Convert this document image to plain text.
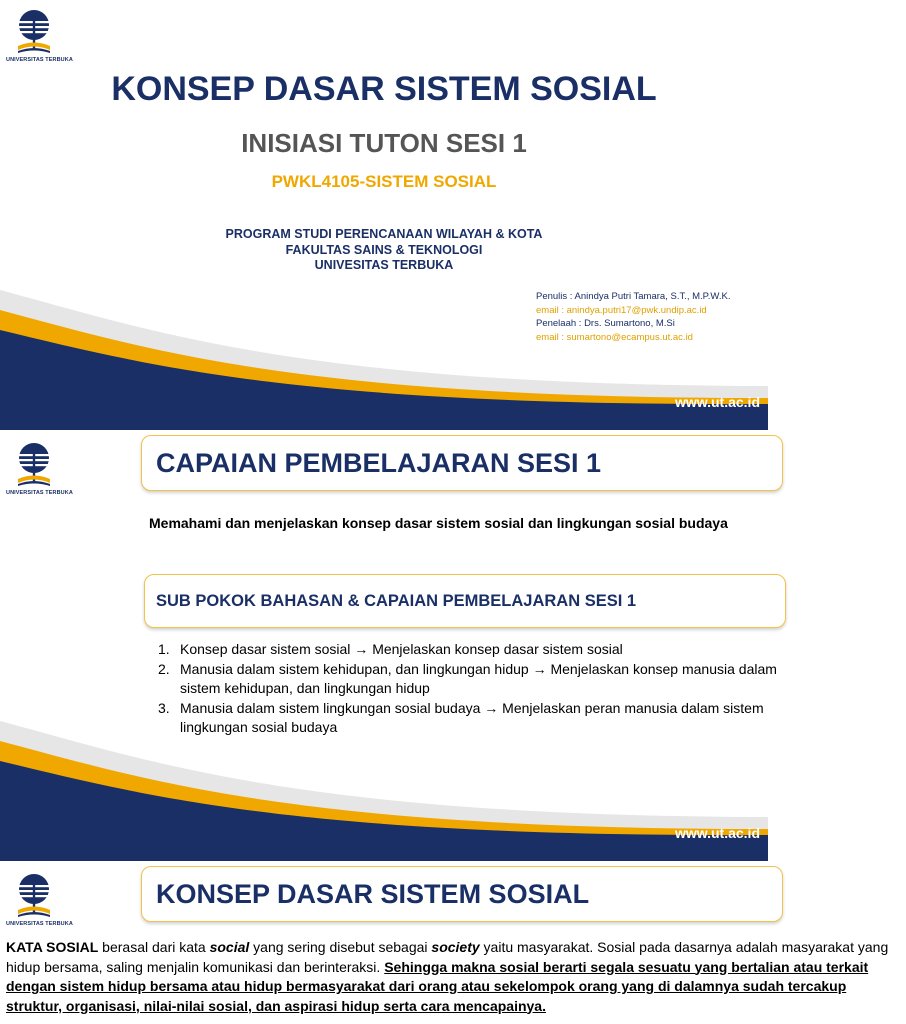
UNIVERSITAS TERBUKA
KONSEP DASAR SISTEM SOSIAL
INISIASI TUTON SESI 1
PWKL4105-SISTEM SOSIAL
PROGRAM STUDI PERENCANAAN WILAYAH & KOTA
FAKULTAS SAINS & TEKNOLOGI
UNIVESITAS TERBUKA
Penulis : Anindya Putri Tamara, S.T., M.P.W.K.
email : anindya.putri17@pwk.undip.ac.id
Penelaah : Drs. Sumartono, M.Si
email : sumartono@ecampus.ut.ac.id
www.ut.ac.id
UNIVERSITAS TERBUKA
CAPAIAN PEMBELAJARAN SESI 1
Memahami dan menjelaskan konsep dasar sistem sosial dan lingkungan sosial budaya
SUB POKOK BAHASAN & CAPAIAN PEMBELAJARAN SESI 1
1. Konsep dasar sistem sosial → Menjelaskan konsep dasar sistem sosial
2. Manusia dalam sistem kehidupan, dan lingkungan hidup → Menjelaskan konsep manusia dalam sistem kehidupan, dan lingkungan hidup
3. Manusia dalam sistem lingkungan sosial budaya → Menjelaskan peran manusia dalam sistem lingkungan sosial budaya
www.ut.ac.id
UNIVERSITAS TERBUKA
KONSEP DASAR SISTEM SOSIAL
KATA SOSIAL berasal dari kata social yang sering disebut sebagai society yaitu masyarakat. Sosial pada dasarnya adalah masyarakat yang hidup bersama, saling menjalin komunikasi dan berinteraksi. Sehingga makna sosial berarti segala sesuatu yang bertalian atau terkait dengan sistem hidup bersama atau hidup bermasyarakat dari orang atau sekelompok orang yang di dalamnya sudah tercakup struktur, organisasi, nilai-nilai sosial, dan aspirasi hidup serta cara mencapainya.
